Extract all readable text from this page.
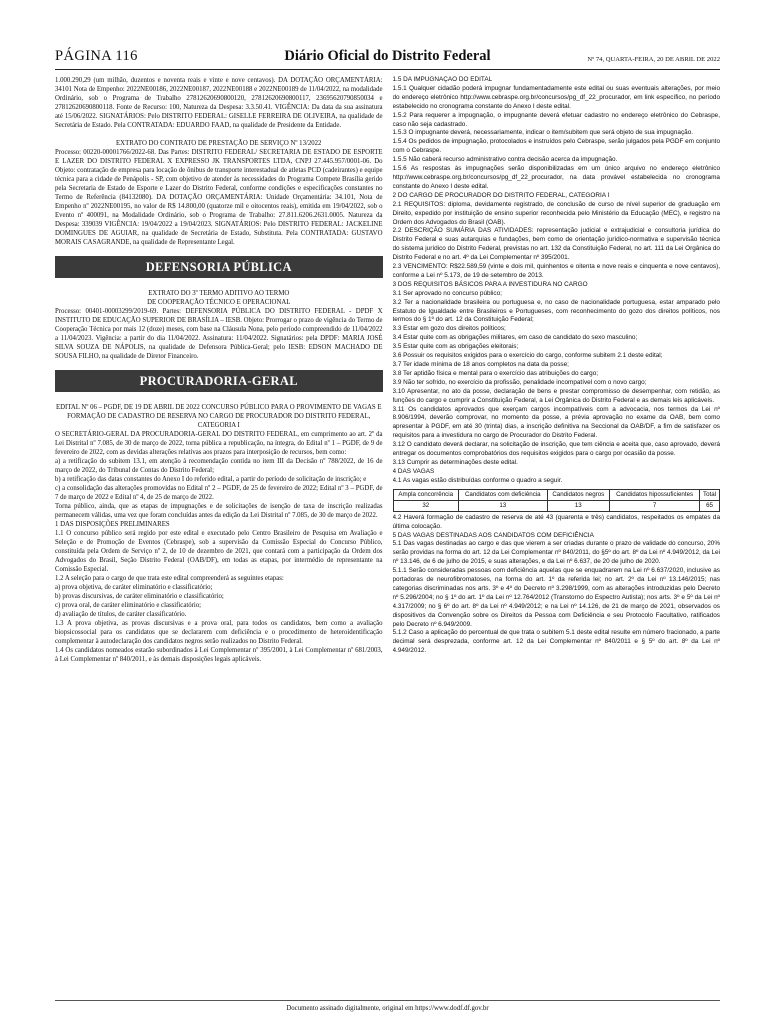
PÁGINA 116	Diário Oficial do Distrito Federal	Nº 74, QUARTA-FEIRA, 20 DE ABRIL DE 2022

1.000.290,29 (um milhão, duzentos e noventa reais e vinte e nove centavos). DA DOTAÇÃO ORÇAMENTÁRIA: 34101 Nota de Empenho: 2022NE00186, 2022NE00187, 2022NE00188 e 2022NE00189 de 11/04/2022, na modalidade Ordinário, sob o Programa de Trabalho 27812620690800120, 27812620690800117, 23695620790850034 e 27812620690800118. Fonte de Recurso: 100, Natureza da Despesa: 3.3.50.41. VIGÊNCIA: Da data da sua assinatura até 15/06/2022. SIGNATÁRIOS: Pelo DISTRITO FEDERAL: GISELLE FERREIRA DE OLIVEIRA, na qualidade de Secretária de Estado. Pela CONTRATADA: EDUARDO FAAD, na qualidade de Presidente da Entidade.

EXTRATO DO CONTRATO DE PRESTAÇÃO DE SERVIÇO Nº 13/2022

Processo: 00220-00001766/2022-68. Das Partes: DISTRITO FEDERAL/ SECRETARIA DE ESTADO DE ESPORTE E LAZER DO DISTRITO FEDERAL X EXPRESSO JK TRANSPORTES LTDA, CNPJ 27.445.957/0001-06. Do Objeto: contratação de empresa para locação de ônibus de transporte interestadual de atletas PCD (cadeirantes) e equipe técnica para a cidade de Penápolis - SP, com objetivo de atender às necessidades do Programa Compete Brasília gerido pela Secretaria de Estado de Esporte e Lazer do Distrito Federal, conforme condições e especificações constantes no Termo de Referência (84132080). DA DOTAÇÃO ORÇAMENTÁRIA: Unidade Orçamentária: 34.101, Nota de Empenho nº 2022NE00195, no valor de R$ 14.800,00 (quatorze mil e oitocentos reais), emitida em 19/04/2022, sob o Evento nº 400091, na Modalidade Ordinário, sob o Programa de Trabalho: 27.811.6206.2631.0005. Natureza da Despesa: 339039 VIGÊNCIA: 19/04/2022 a 19/04/2023. SIGNATÁRIOS: Pelo DISTRITO FEDERAL: JACKELINE DOMINGUES DE AGUIAR, na qualidade de Secretária de Estado, Substituta. Pela CONTRATADA: GUSTAVO MORAIS CASAGRANDE, na qualidade de Representante Legal.

DEFENSORIA PÚBLICA

EXTRATO DO 3º TERMO ADITIVO AO TERMO

DE COOPERAÇÃO TÉCNICO E OPERACIONAL

Processo: 00401-00003299/2019-69. Partes: DEFENSORIA PÚBLICA DO DISTRITO FEDERAL - DPDF X INSTITUTO DE EDUCAÇÃO SUPERIOR DE BRASÍLIA – IESB. Objeto: Prorrogar o prazo de vigência do Termo de Cooperação Técnica por mais 12 (doze) meses, com base na Cláusula Nona, pelo período compreendido de 11/04/2022 a 11/04/2023. Vigência: a partir do dia 11/04/2022. Assinatura: 11/04/2022. Signatários: pela DPDF: MARIA JOSÉ SILVA SOUZA DE NÁPOLIS, na qualidade de Defensora Pública-Geral; pelo IESB: EDSON MACHADO DE SOUSA FILHO, na qualidade de Diretor Financeiro.

PROCURADORIA-GERAL

EDITAL Nº 06 – PGDF, DE 19 DE ABRIL DE 2022 CONCURSO PÚBLICO PARA O PROVIMENTO DE VAGAS E FORMAÇÃO DE CADASTRO DE RESERVA NO CARGO DE PROCURADOR DO DISTRITO FEDERAL, CATEGORIA I

O SECRETÁRIO-GERAL DA PROCURADORIA-GERAL DO DISTRITO FEDERAL, em cumprimento ao art. 2º da Lei Distrital nº 7.085, de 30 de março de 2022, torna pública a republicação, na íntegra, do Edital nº 1 – PGDF, de 9 de fevereiro de 2022, com as devidas alterações relativas aos prazos para interposição de recursos, bem como:

a) a retificação do subitem 13.1, em atenção à recomendação contida no item III da Decisão nº 788/2022, de 16 de março de 2022, do Tribunal de Contas do Distrito Federal;

b) a retificação das datas constantes do Anexo I do referido edital, a partir do período de solicitação de inscrição; e

c) a consolidação das alterações promovidas no Edital nº 2 – PGDF, de 25 de fevereiro de 2022; Edital nº 3 – PGDF, de 7 de março de 2022 e Edital nº 4, de 25 de março de 2022.

Torna público, ainda, que as etapas de impugnações e de solicitações de isenção de taxa de inscrição realizadas permanecem válidas, uma vez que foram concluídas antes da edição da Lei Distrital nº 7.085, de 30 de março de 2022.

1 DAS DISPOSIÇÕES PRELIMINARES

1.1 O concurso público será regido por este edital e executado pelo Centro Brasileiro de Pesquisa em Avaliação e Seleção e de Promoção de Eventos (Cebraspe), sob a supervisão da Comissão Especial do Concurso Público, constituída pela Ordem de Serviço nº 2, de 10 de dezembro de 2021, que contará com a participação da Ordem dos Advogados do Brasil, Seção Distrito Federal (OAB/DF), em todas as etapas, por intermédio de representante na Comissão Especial.

1.2 A seleção para o cargo de que trata este edital compreenderá as seguintes etapas:

a) prova objetiva, de caráter eliminatório e classificatório;

b) provas discursivas, de caráter eliminatório e classificatório;

c) prova oral, de caráter eliminatório e classificatório;

d) avaliação de títulos, de caráter classificatório.

1.3 A prova objetiva, as provas discursivas e a prova oral, para todos os candidatos, bem como a avaliação biopsicossocial para os candidatos que se declararem com deficiência e o procedimento de heteroidentificação complementar à autodeclaração dos candidatos negros serão realizados no Distrito Federal.

1.4 Os candidatos nomeados estarão subordinados à Lei Complementar nº 395/2001, à Lei Complementar nº 681/2003, à Lei Complementar nº 840/2011, e às demais disposições legais aplicáveis.

1.5 DA IMPUGNAÇÃO DO EDITAL

1.5.1 Qualquer cidadão poderá impugnar fundamentadamente este edital ou suas eventuais alterações, por meio do endereço eletrônico http://www.cebraspe.org.br/concursos/pg_df_22_procurador, em link específico, no período estabelecido no cronograma constante do Anexo I deste edital.

1.5.2 Para requerer a impugnação, o impugnante deverá efetuar cadastro no endereço eletrônico do Cebraspe, caso não seja cadastrado.

1.5.3 O impugnante deverá, necessariamente, indicar o item/subitem que será objeto de sua impugnação.

1.5.4 Os pedidos de impugnação, protocolados e instruídos pelo Cebraspe, serão julgados pela PGDF em conjunto com o Cebraspe.

1.5.5 Não caberá recurso administrativo contra decisão acerca da impugnação.

1.5.6 As respostas às impugnações serão disponibilizadas em um único arquivo no endereço eletrônico http://www.cebraspe.org.br/concursos/pg_df_22_procurador, na data provável estabelecida no cronograma constante do Anexo I deste edital.

2 DO CARGO DE PROCURADOR DO DISTRITO FEDERAL, CATEGORIA I

2.1 REQUISITOS: diploma, devidamente registrado, de conclusão de curso de nível superior de graduação em Direito, expedido por instituição de ensino superior reconhecida pelo Ministério da Educação (MEC), e registro na Ordem dos Advogados do Brasil (OAB).

2.2 DESCRIÇÃO SUMÁRIA DAS ATIVIDADES: representação judicial e extrajudicial e consultoria jurídica do Distrito Federal e suas autarquias e fundações, bem como de orientação jurídico-normativa e supervisão técnica do sistema jurídico do Distrito Federal, previstas no art. 132 da Constituição Federal, no art. 111 da Lei Orgânica do Distrito Federal e no art. 4º da Lei Complementar nº 395/2001.

2.3 VENCIMENTO: R$22.589,59 (vinte e dois mil, quinhentos e oitenta e nove reais e cinquenta e nove centavos), conforme a Lei nº 5.173, de 19 de setembro de 2013.

3 DOS REQUISITOS BÁSICOS PARA A INVESTIDURA NO CARGO

3.1 Ser aprovado no concurso público;

3.2 Ter a nacionalidade brasileira ou portuguesa e, no caso de nacionalidade portuguesa, estar amparado pelo Estatuto de Igualdade entre Brasileiros e Portugueses, com reconhecimento do gozo dos direitos políticos, nos termos do § 1º do art. 12 da Constituição Federal;

3.3 Estar em gozo dos direitos políticos;

3.4 Estar quite com as obrigações militares, em caso de candidato do sexo masculino;

3.5 Estar quite com as obrigações eleitorais;

3.6 Possuir os requisitos exigidos para o exercício do cargo, conforme subitem 2.1 deste edital;

3.7 Ter idade mínima de 18 anos completos na data da posse;

3.8 Ter aptidão física e mental para o exercício das atribuições do cargo;

3.9 Não ter sofrido, no exercício da profissão, penalidade incompatível com o novo cargo;

3.10 Apresentar, no ato da posse, declaração de bens e prestar compromisso de desempenhar, com retidão, as funções do cargo e cumprir a Constituição Federal, a Lei Orgânica do Distrito Federal e as demais leis aplicáveis.

3.11 Os candidatos aprovados que exerçam cargos incompatíveis com a advocacia, nos termos da Lei nº 8.906/1994, deverão comprovar, no momento da posse, a prévia aprovação no exame da OAB, bem como apresentar à PGDF, em até 30 (trinta) dias, a inscrição definitiva na Seccional da OAB/DF, a fim de satisfazer os requisitos para a investidura no cargo de Procurador do Distrito Federal.

3.12 O candidato deverá declarar, na solicitação de inscrição, que tem ciência e aceita que, caso aprovado, deverá entregar os documentos comprobatórios dos requisitos exigidos para o cargo por ocasião da posse.

3.13 Cumprir as determinações deste edital.

4 DAS VAGAS

4.1 As vagas estão distribuídas conforme o quadro a seguir.

Ampla concorrência	Candidatos com deficiência	Candidatos negros	Candidatos hipossuficientes	Total
32	13	13	7	65

4.2 Haverá formação de cadastro de reserva de até 43 (quarenta e três) candidatos, respeitados os empates da última colocação.

5 DAS VAGAS DESTINADAS AOS CANDIDATOS COM DEFICIÊNCIA

5.1 Das vagas destinadas ao cargo e das que vierem a ser criadas durante o prazo de validade do concurso, 20% serão providas na forma do art. 12 da Lei Complementar nº 840/2011, do §5º do art. 8º da Lei nº 4.949/2012, da Lei nº 13.146, de 6 de julho de 2015, e suas alterações, e da Lei nº 6.637, de 20 de julho de 2020.

5.1.1 Serão consideradas pessoas com deficiência aquelas que se enquadrarem na Lei nº 6.637/2020, inclusive as portadoras de neurofibromatoses, na forma do art. 1º da referida lei; no art. 2º da Lei nº 13.146/2015; nas categorias discriminadas nos arts. 3º e 4º do Decreto nº 3.298/1999, com as alterações introduzidas pelo Decreto nº 5.296/2004; no § 1º do art. 1º da Lei nº 12.764/2012 (Transtorno do Espectro Autista); nos arts. 3º e 5º da Lei nº 4.317/2009; no § 6º do art. 8º da Lei nº 4.949/2012; e na Lei nº 14.126, de 21 de março de 2021, observados os dispositivos da Convenção sobre os Direitos da Pessoa com Deficiência e seu Protocolo Facultativo, ratificados pelo Decreto nº 6.949/2009.

5.1.2 Caso a aplicação do percentual de que trata o subitem 5.1 deste edital resulte em número fracionado, a parte decimal será desprezada, conforme art. 12 da Lei Complementar nº 840/2011 e § 5º do art. 8º da Lei nº 4.949/2012.

Documento assinado digitalmente, original em https://www.dodf.df.gov.br
